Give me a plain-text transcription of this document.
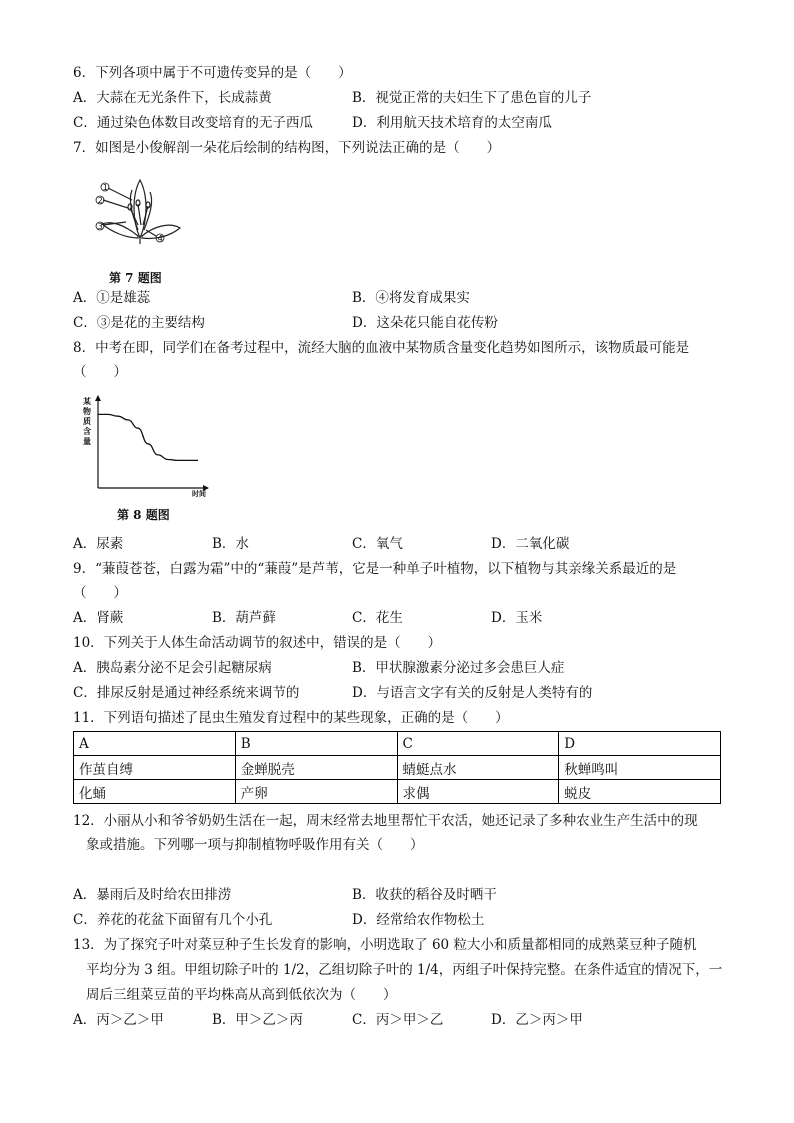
6．下列各项中属于不可遗传变异的是（　　）
A．大蒜在无光条件下，长成蒜黄	B．视觉正常的夫妇生下了患色盲的儿子
C．通过染色体数目改变培育的无子西瓜	D．利用航天技术培育的太空南瓜
7．如图是小俊解剖一朵花后绘制的结构图，下列说法正确的是（　　）
1
2
3
4
第 7 题图
A．①是雄蕊	B．④将发育成果实
C．③是花的主要结构	D．这朵花只能自花传粉
8．中考在即，同学们在备考过程中，流经大脑的血液中某物质含量变化趋势如图所示，该物质最可能是
（　　）
某
物
质
含
量
时间
第 8 题图
A．尿素	B．水	C．氧气	D．二氧化碳
9．“蒹葭苍苍，白露为霜”中的“蒹葭”是芦苇，它是一种单子叶植物，以下植物与其亲缘关系最近的是
（　　）
A．肾蕨	B．葫芦藓	C．花生	D．玉米
10．下列关于人体生命活动调节的叙述中，错误的是（　　）
A．胰岛素分泌不足会引起糖尿病	B．甲状腺激素分泌过多会患巨人症
C．排尿反射是通过神经系统来调节的	D．与语言文字有关的反射是人类特有的
11．下列语句描述了昆虫生殖发育过程中的某些现象，正确的是（　　）
A	B	C	D
作茧自缚	金蝉脱壳	蜻蜓点水	秋蝉鸣叫
化蛹	产卵	求偶	蜕皮
12．小丽从小和爷爷奶奶生活在一起，周末经常去地里帮忙干农活，她还记录了多种农业生产生活中的现
象或措施。下列哪一项与抑制植物呼吸作用有关（　　）
A．暴雨后及时给农田排涝	B．收获的稻谷及时晒干
C．养花的花盆下面留有几个小孔	D．经常给农作物松土
13．为了探究子叶对菜豆种子生长发育的影响，小明选取了 60 粒大小和质量都相同的成熟菜豆种子随机
平均分为 3 组。甲组切除子叶的 1/2，乙组切除子叶的 1/4，丙组子叶保持完整。在条件适宜的情况下，一
周后三组菜豆苗的平均株高从高到低依次为（　　）
A．丙＞乙＞甲	B．甲＞乙＞丙	C．丙＞甲＞乙	D．乙＞丙＞甲
